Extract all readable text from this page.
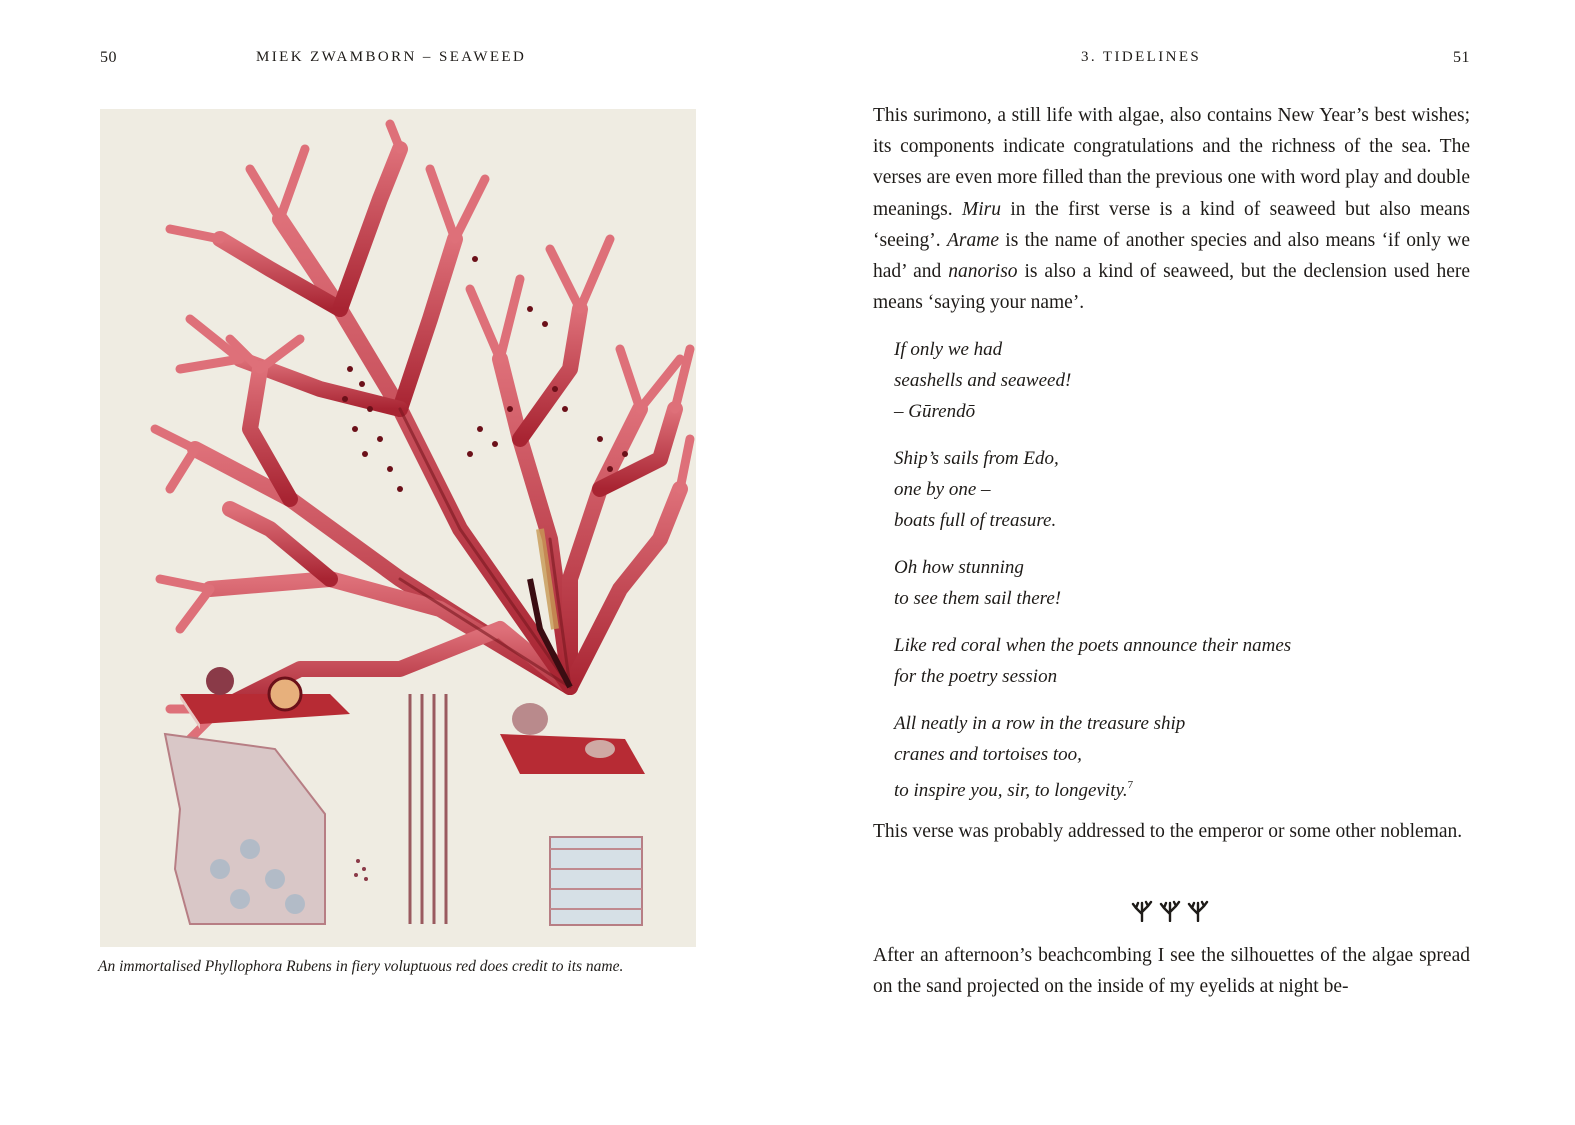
50	MIEK ZWAMBORN – SEAWEED
An immortalised Phyllophora Rubens in fiery voluptuous red does credit to its name.
3. TIDELINES	51

This surimono, a still life with algae, also contains New Year’s best wishes; its components indicate congratulations and the richness of the sea. The verses are even more filled than the previous one with word play and double meanings. Miru in the first verse is a kind of seaweed but also means ‘seeing’. Arame is the name of another species and also means ‘if only we had’ and nanoriso is also a kind of seaweed, but the declension used here means ‘saying your name’.

If only we had
seashells and seaweed!
– Gūrendō
Ship’s sails from Edo,
one by one –
boats full of treasure.
Oh how stunning
to see them sail there!
Like red coral when the poets announce their names
for the poetry session
All neatly in a row in the treasure ship
cranes and tortoises too,
to inspire you, sir, to longevity.$^7$

This verse was probably addressed to the emperor or some other nobleman.

After an afternoon’s beachcombing I see the silhouettes of the algae spread on the sand projected on the inside of my eyelids at night be-
